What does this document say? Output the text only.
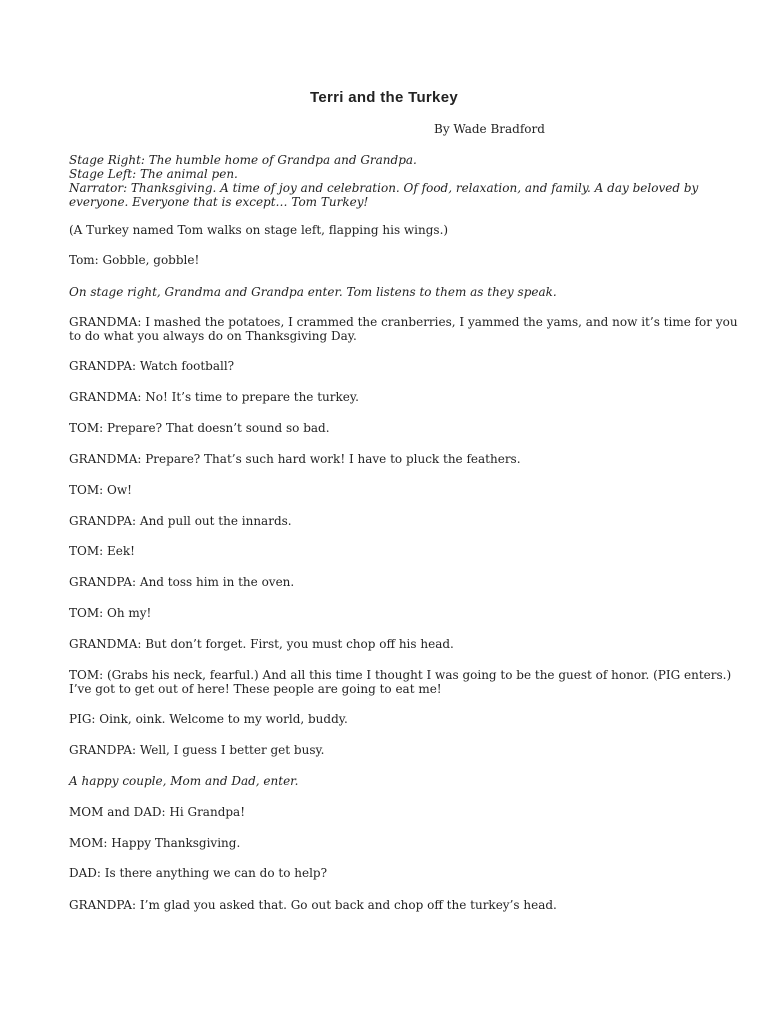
Terri and the Turkey
By Wade Bradford
Stage Right: The humble home of Grandpa and Grandpa.
Stage Left: The animal pen.
Narrator: Thanksgiving. A time of joy and celebration. Of food, relaxation, and family. A day beloved by
everyone. Everyone that is except… Tom Turkey!
(A Turkey named Tom walks on stage left, flapping his wings.)
Tom: Gobble, gobble!
On stage right, Grandma and Grandpa enter. Tom listens to them as they speak.
GRANDMA: I mashed the potatoes, I crammed the cranberries, I yammed the yams, and now it’s time for you
to do what you always do on Thanksgiving Day.
GRANDPA: Watch football?
GRANDMA: No! It’s time to prepare the turkey.
TOM: Prepare? That doesn’t sound so bad.
GRANDMA: Prepare? That’s such hard work! I have to pluck the feathers.
TOM: Ow!
GRANDPA: And pull out the innards.
TOM: Eek!
GRANDPA: And toss him in the oven.
TOM: Oh my!
GRANDMA: But don’t forget. First, you must chop off his head.
TOM: (Grabs his neck, fearful.) And all this time I thought I was going to be the guest of honor. (PIG enters.)
I’ve got to get out of here! These people are going to eat me!
PIG: Oink, oink. Welcome to my world, buddy.
GRANDPA: Well, I guess I better get busy.
A happy couple, Mom and Dad, enter.
MOM and DAD: Hi Grandpa!
MOM: Happy Thanksgiving.
DAD: Is there anything we can do to help?
GRANDPA: I’m glad you asked that. Go out back and chop off the turkey’s head.
